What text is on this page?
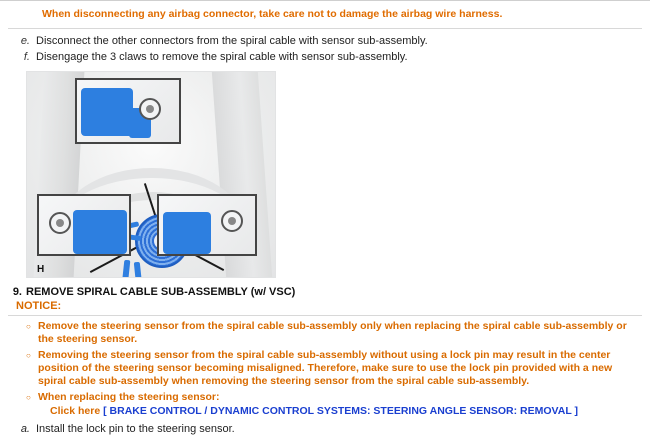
When disconnecting any airbag connector, take care not to damage the airbag wire harness.

e. Disconnect the other connectors from the spiral cable with sensor sub-assembly.
f. Disengage the 3 claws to remove the spiral cable with sensor sub-assembly.
H
9. REMOVE SPIRAL CABLE SUB-ASSEMBLY (w/ VSC)
NOTICE:
○ Remove the steering sensor from the spiral cable sub-assembly only when replacing the spiral cable sub-assembly or the steering sensor.
○ Removing the steering sensor from the spiral cable sub-assembly without using a lock pin may result in the center position of the steering sensor becoming misaligned. Therefore, make sure to use the lock pin provided with a new spiral cable sub-assembly when removing the steering sensor from the spiral cable sub-assembly.
○ When replacing the steering sensor:
Click here [ BRAKE CONTROL / DYNAMIC CONTROL SYSTEMS: STEERING ANGLE SENSOR: REMOVAL ]
a. Install the lock pin to the steering sensor.
